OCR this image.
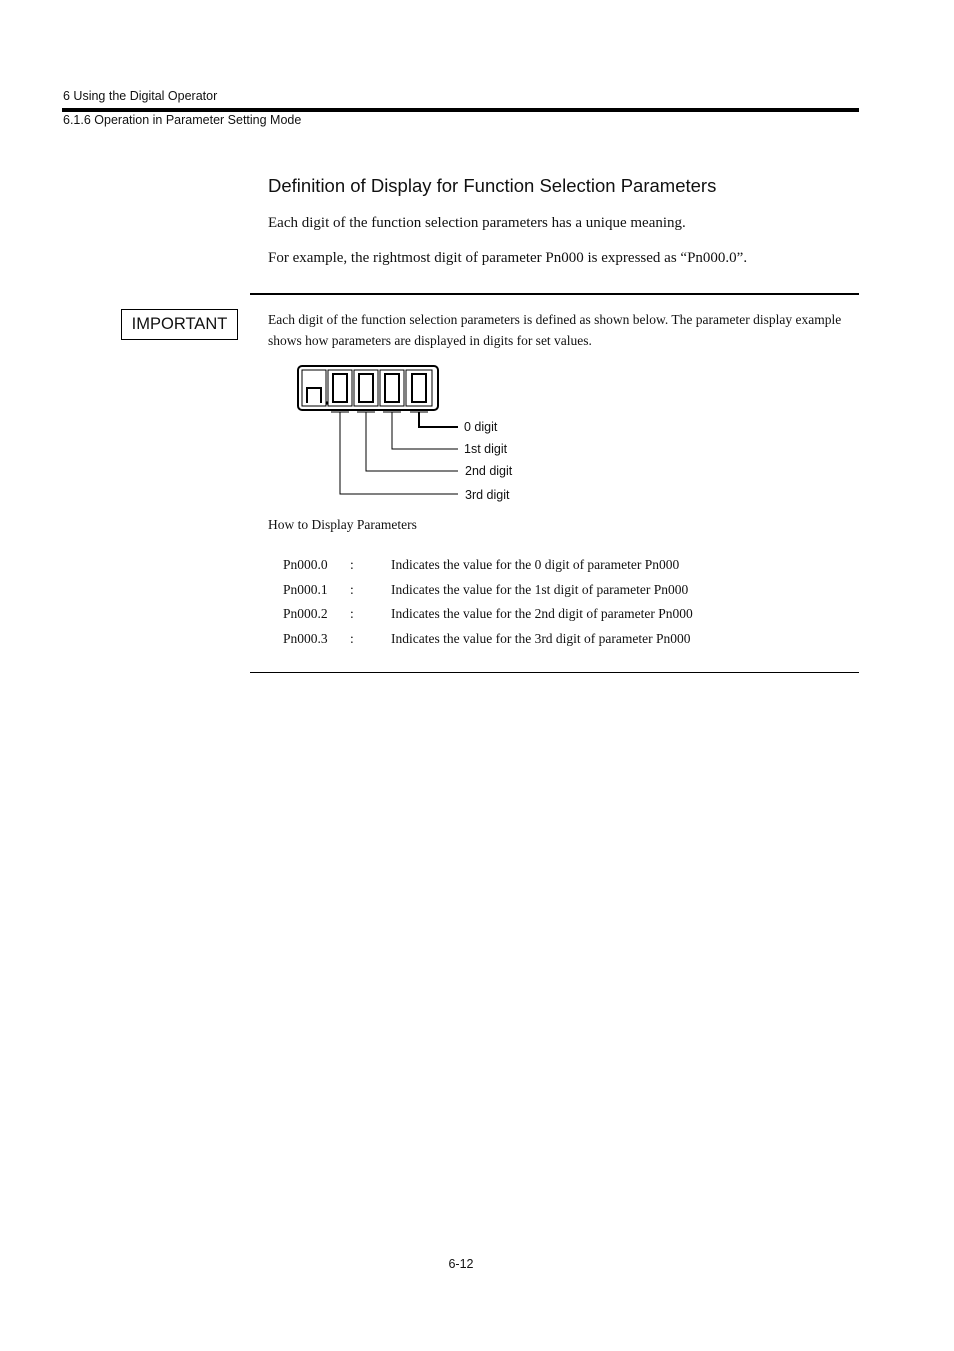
6 Using the Digital Operator
6.1.6 Operation in Parameter Setting Mode
Definition of Display for Function Selection Parameters
Each digit of the function selection parameters has a unique meaning.
For example, the rightmost digit of parameter Pn000 is expressed as “Pn000.0”.
IMPORTANT	Each digit of the function selection parameters is defined as shown below. The parameter display example shows how parameters are displayed in digits for set values.
0 digit
1st digit
2nd digit
3rd digit
How to Display Parameters
Pn000.0 :	Indicates the value for the 0 digit of parameter Pn000
Pn000.1 :	Indicates the value for the 1st digit of parameter Pn000
Pn000.2 :	Indicates the value for the 2nd digit of parameter Pn000
Pn000.3 :	Indicates the value for the 3rd digit of parameter Pn000
6-12
